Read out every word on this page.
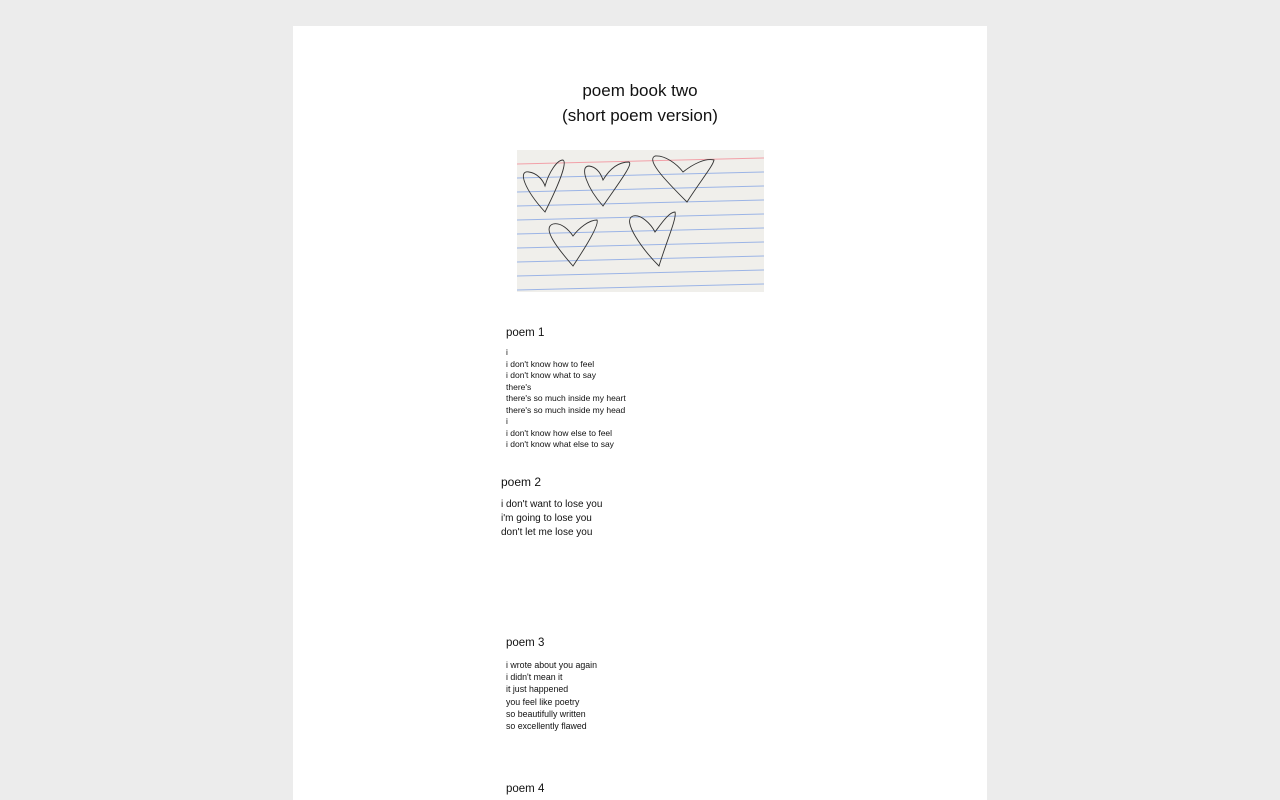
poem book two
(short poem version)
poem 1
i
i don't know how to feel
i don't know what to say
there's
there's so much inside my heart
there's so much inside my head
i
i don't know how else to feel
i don't know what else to say
poem 2
i don't want to lose you
i'm going to lose you
don't let me lose you
poem 3
i wrote about you again
i didn't mean it
it just happened
you feel like poetry
so beautifully written
so excellently flawed
poem 4
